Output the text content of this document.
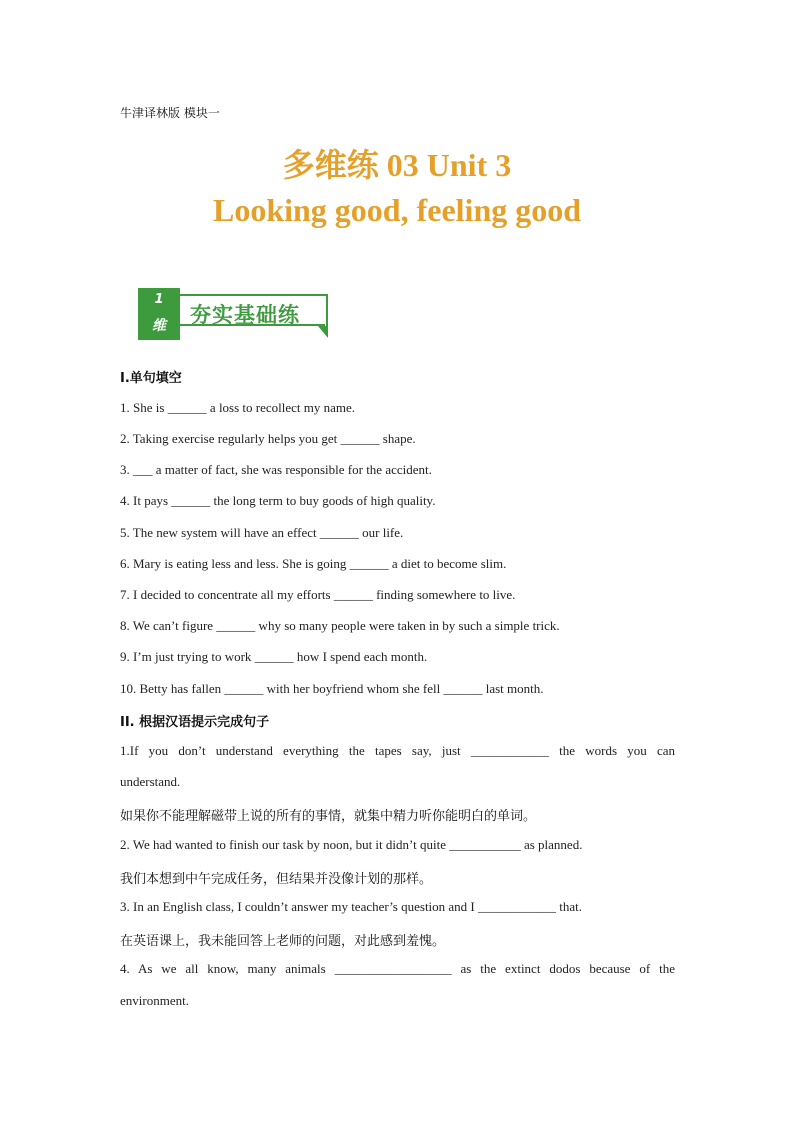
牛津译林版 模块一
多维练 03 Unit 3
Looking good, feeling good
1
维	夯实基础练
I.单句填空
1. She is ______ a loss to recollect my name.
2. Taking exercise regularly helps you get ______ shape.
3. ___ a matter of fact, she was responsible for the accident.
4. It pays ______ the long term to buy goods of high quality.
5. The new system will have an effect ______ our life.
6. Mary is eating less and less. She is going ______ a diet to become slim.
7. I decided to concentrate all my efforts ______ finding somewhere to live.
8. We can’t figure ______ why so many people were taken in by such a simple trick.
9. I’m just trying to work ______ how I spend each month.
10. Betty has fallen ______ with her boyfriend whom she fell ______ last month.
II. 根据汉语提示完成句子
1.If you don’t understand everything the tapes say, just ____________ the words you can
understand.
如果你不能理解磁带上说的所有的事情，就集中精力听你能明白的单词。
2. We had wanted to finish our task by noon, but it didn’t quite ___________ as planned.
我们本想到中午完成任务，但结果并没像计划的那样。
3. In an English class, I couldn’t answer my teacher’s question and I ____________ that.
在英语课上，我未能回答上老师的问题，对此感到羞愧。
4. As we all know, many animals __________________ as the extinct dodos because of the
environment.
